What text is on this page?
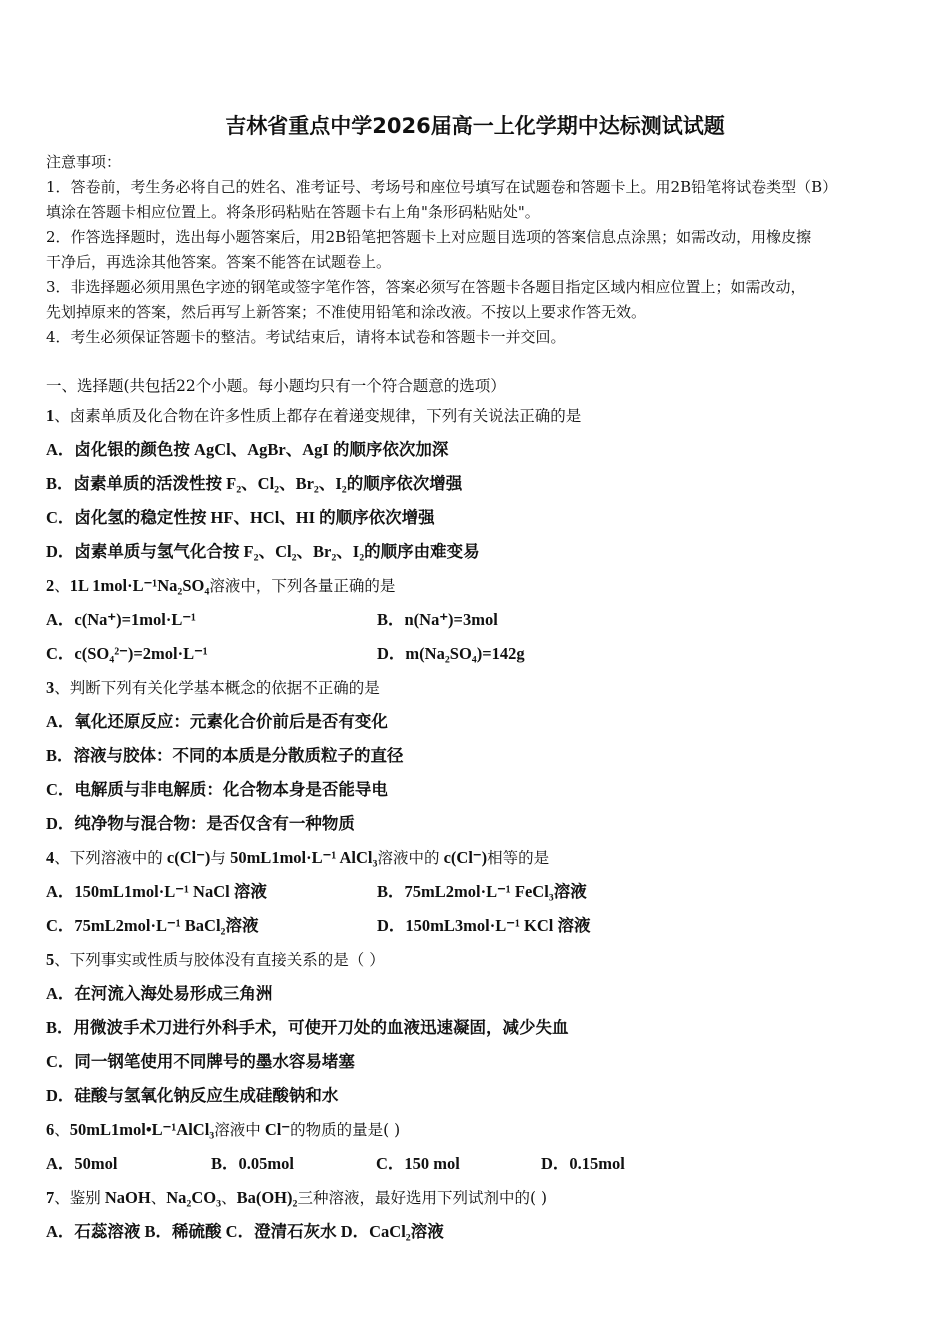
吉林省重点中学2026届高一上化学期中达标测试试题
注意事项：
1．答卷前，考生务必将自己的姓名、准考证号、考场号和座位号填写在试题卷和答题卡上。用2B铅笔将试卷类型（B）
填涂在答题卡相应位置上。将条形码粘贴在答题卡右上角"条形码粘贴处"。
2．作答选择题时，选出每小题答案后，用2B铅笔把答题卡上对应题目选项的答案信息点涂黑；如需改动，用橡皮擦
干净后，再选涂其他答案。答案不能答在试题卷上。
3．非选择题必须用黑色字迹的钢笔或签字笔作答，答案必须写在答题卡各题目指定区域内相应位置上；如需改动，
先划掉原来的答案，然后再写上新答案；不准使用铅笔和涂改液。不按以上要求作答无效。
4．考生必须保证答题卡的整洁。考试结束后，请将本试卷和答题卡一并交回。
一、选择题(共包括22个小题。每小题均只有一个符合题意的选项）
1、卤素单质及化合物在许多性质上都存在着递变规律，下列有关说法正确的是
A．卤化银的颜色按 AgCl、AgBr、AgI 的顺序依次加深
B．卤素单质的活泼性按 F₂、Cl₂、Br₂、I₂的顺序依次增强
C．卤化氢的稳定性按 HF、HCl、HI 的顺序依次增强
D．卤素单质与氢气化合按 F₂、Cl₂、Br₂、I₂的顺序由难变易
2、1L 1mol·L⁻¹Na₂SO₄溶液中，下列各量正确的是
A．c(Na⁺)=1mol·L⁻¹	B．n(Na⁺)=3mol
C．c(SO₄²⁻)=2mol·L⁻¹	D．m(Na₂SO₄)=142g
3、判断下列有关化学基本概念的依据不正确的是
A．氧化还原反应：元素化合价前后是否有变化
B．溶液与胶体：不同的本质是分散质粒子的直径
C．电解质与非电解质：化合物本身是否能导电
D．纯净物与混合物：是否仅含有一种物质
4、下列溶液中的 c(Cl⁻)与 50mL1mol·L⁻¹ AlCl₃溶液中的 c(Cl⁻)相等的是
A．150mL1mol·L⁻¹ NaCl 溶液	B．75mL2mol·L⁻¹ FeCl₃溶液
C．75mL2mol·L⁻¹ BaCl₂溶液	D．150mL3mol·L⁻¹ KCl 溶液
5、下列事实或性质与胶体没有直接关系的是（ ）
A．在河流入海处易形成三角洲
B．用微波手术刀进行外科手术，可使开刀处的血液迅速凝固，减少失血
C．同一钢笔使用不同牌号的墨水容易堵塞
D．硅酸与氢氧化钠反应生成硅酸钠和水
6、50mL1mol•L⁻¹AlCl₃溶液中 Cl⁻的物质的量是( )
A．50mol	B．0.05mol	C．150 mol	D．0.15mol
7、鉴别 NaOH、Na₂CO₃、Ba(OH)₂三种溶液，最好选用下列试剂中的( )
A．石蕊溶液 B．稀硫酸 C．澄清石灰水 D．CaCl₂溶液
